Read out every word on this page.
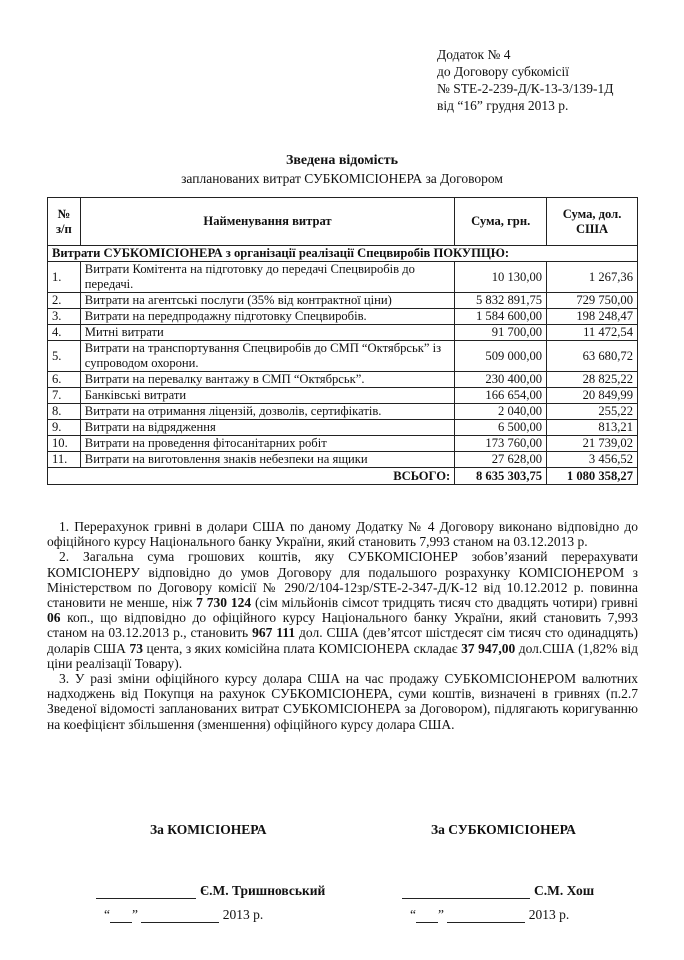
Додаток № 4
до Договору субкомісії
№ STE-2-239-Д/К-13-3/139-1Д
від “16” грудня 2013 р.
Зведена відомість
запланованих витрат СУБКОМІСІОНЕРА за Договором
№ з/п	Найменування витрат	Сума, грн.	Сума, дол. США
Витрати СУБКОМІСІОНЕРА з організації реалізації Спецвиробів ПОКУПЦЮ:			
1.	Витрати Комітента на підготовку до передачі Спецвиробів до передачі.	10 130,00	1 267,36
2.	Витрати на агентські послуги (35% від контрактної ціни)	5 832 891,75	729 750,00
3.	Витрати на передпродажну підготовку Спецвиробів.	1 584 600,00	198 248,47
4.	Митні витрати	91 700,00	11 472,54
5.	Витрати на транспортування Спецвиробів до СМП “Октябрськ” із супроводом охорони.	509 000,00	63 680,72
6.	Витрати на перевалку вантажу в СМП “Октябрськ”.	230 400,00	28 825,22
7.	Банківські витрати	166 654,00	20 849,99
8.	Витрати на отримання ліцензій, дозволів, сертифікатів.	2 040,00	255,22
9.	Витрати на відрядження	6 500,00	813,21
10.	Витрати на проведення фітосанітарних робіт	173 760,00	21 739,02
11.	Витрати на виготовлення знаків небезпеки на ящики	27 628,00	3 456,52
ВСЬОГО:		8 635 303,75	1 080 358,27

1. Перерахунок гривні в долари США по даному Додатку № 4 Договору виконано відповідно до офіційного курсу Національного банку України, який становить 7,993 станом на 03.12.2013 р.

2. Загальна сума грошових коштів, яку СУБКОМІСІОНЕР зобов’язаний перерахувати КОМІСІОНЕРУ відповідно до умов Договору для подальшого розрахунку КОМІСІОНЕРОМ з Міністерством по Договору комісії № 290/2/104-12зр/STE-2-347-Д/К-12 від 10.12.2012 р. повинна становити не менше, ніж 7 730 124 (сім мільйонів сімсот тридцять тисяч сто двадцять чотири) гривні 06 коп., що відповідно до офіційного курсу Національного банку України, який становить 7,993 станом на 03.12.2013 р., становить 967 111 дол. США (дев’ятсот шістдесят сім тисяч сто одинадцять) доларів США 73 цента, з яких комісійна плата КОМІСІОНЕРА складає 37 947,00 дол.США (1,82% від ціни реалізації Товару).

3. У разі зміни офіційного курсу долара США на час продажу СУБКОМІСІОНЕРОМ валютних надходжень від Покупця на рахунок СУБКОМІСІОНЕРА, суми коштів, визначені в гривнях (п.2.7 Зведеної відомості запланованих витрат СУБКОМІСІОНЕРА за Договором), підлягають коригуванню на коефіцієнт збільшення (зменшення) офіційного курсу долара США.

За КОМІСІОНЕРА	За СУБКОМІСІОНЕРА
Є.М. Тришновський	С.М. Хош
“ ”	2013 р.	“ ”	2013 р.
